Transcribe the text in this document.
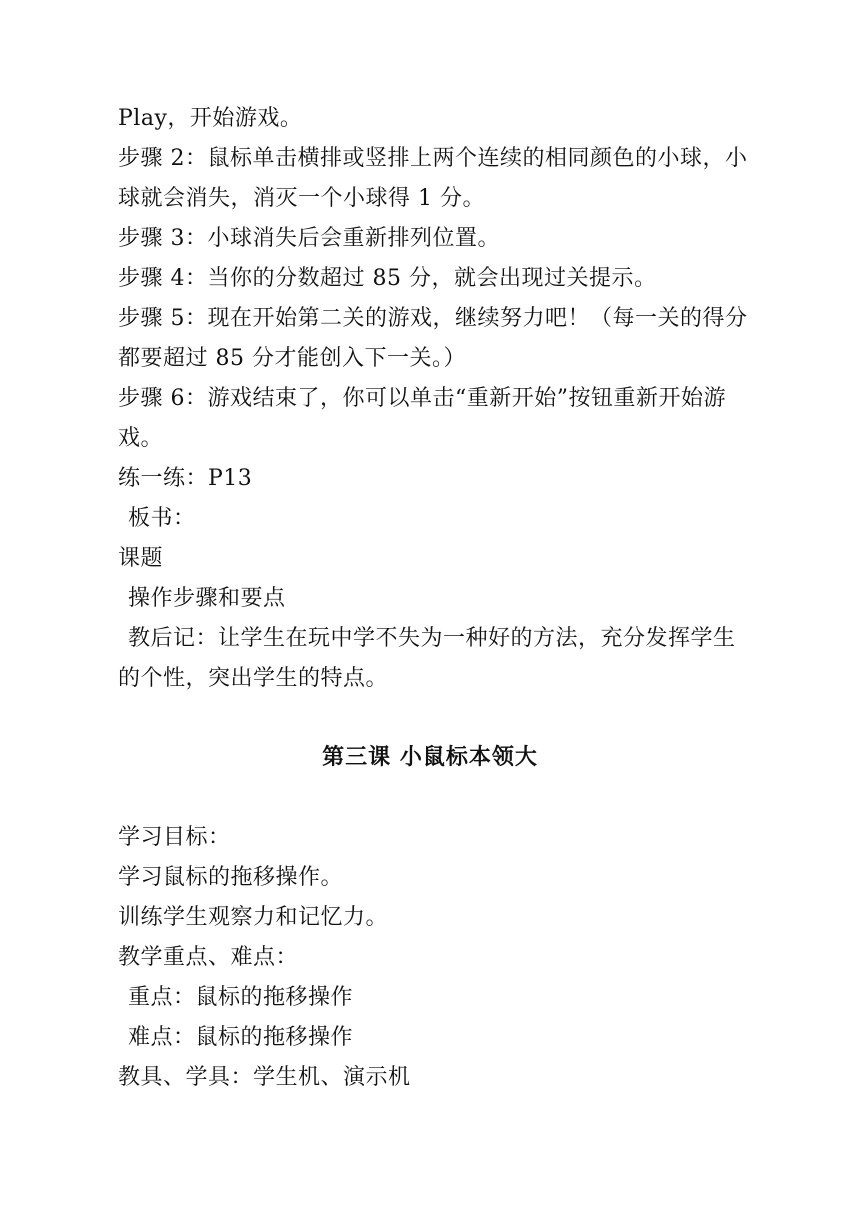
Play，开始游戏。
步骤 2：鼠标单击横排或竖排上两个连续的相同颜色的小球，小
球就会消失，消灭一个小球得 1 分。
步骤 3：小球消失后会重新排列位置。
步骤 4：当你的分数超过 85 分，就会出现过关提示。
步骤 5：现在开始第二关的游戏，继续努力吧！（每一关的得分
都要超过 85 分才能创入下一关。）
步骤 6：游戏结束了，你可以单击“重新开始”按钮重新开始游
戏。
练一练：P13
板书：
课题
操作步骤和要点
教后记：让学生在玩中学不失为一种好的方法，充分发挥学生
的个性，突出学生的特点。
第三课 小鼠标本领大
学习目标：
学习鼠标的拖移操作。
训练学生观察力和记忆力。
教学重点、难点：
重点：鼠标的拖移操作
难点：鼠标的拖移操作
教具、学具：学生机、演示机
